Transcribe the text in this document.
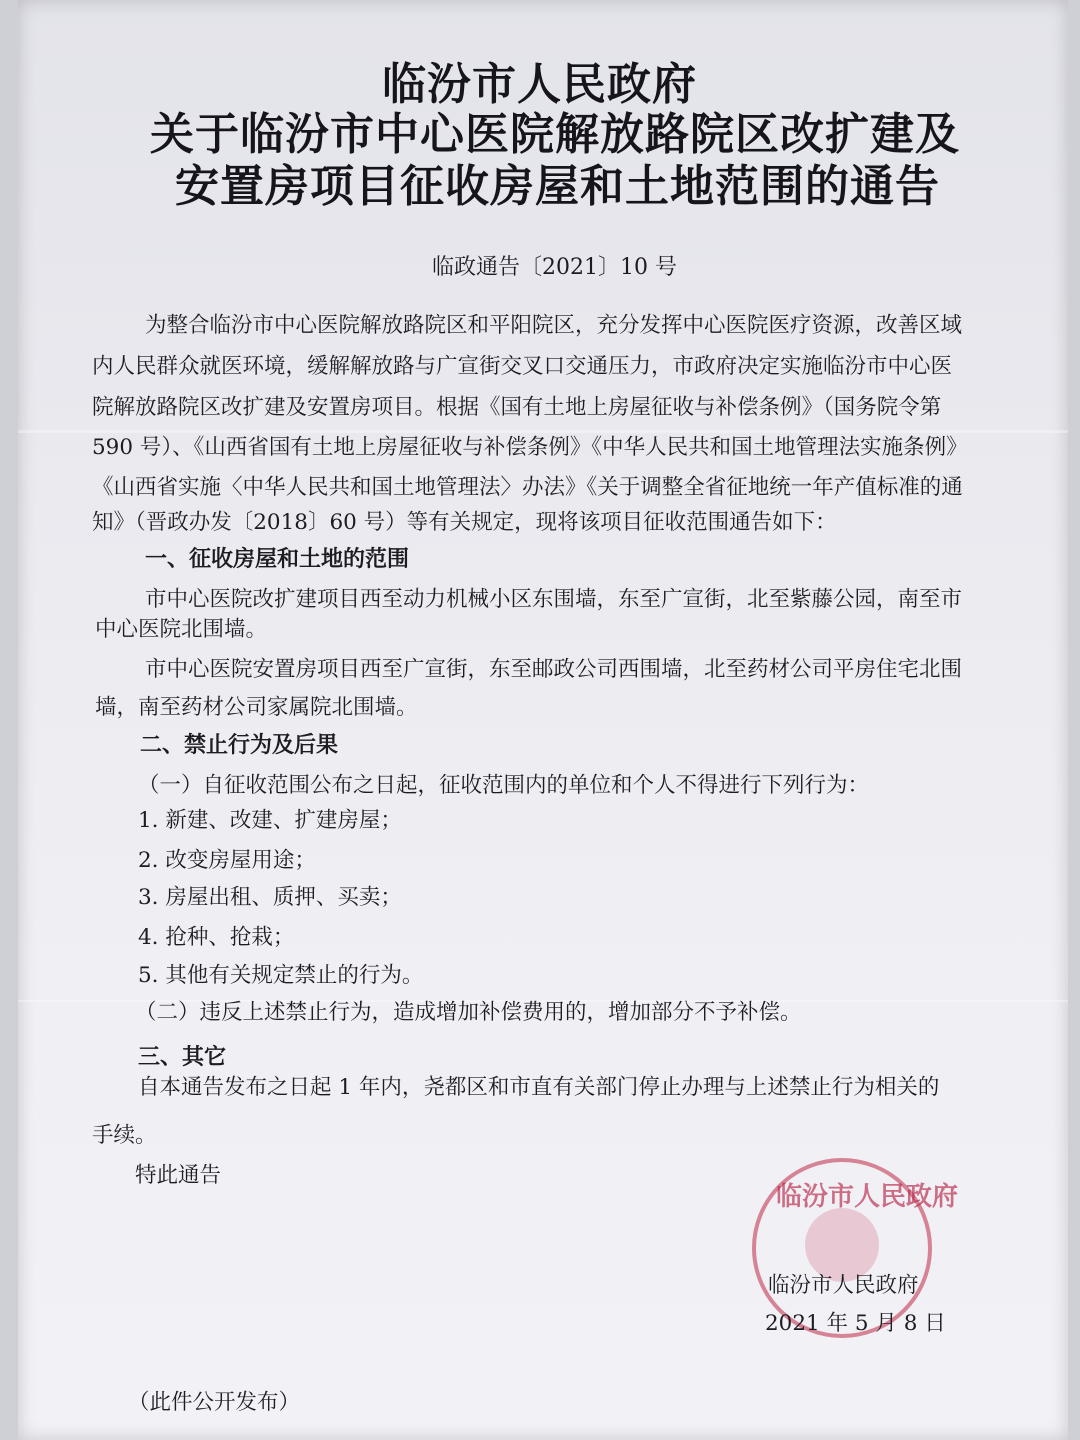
临汾市人民政府
关于临汾市中心医院解放路院区改扩建及
安置房项目征收房屋和土地范围的通告
临政通告〔2021〕10 号
为整合临汾市中心医院解放路院区和平阳院区，充分发挥中心医院医疗资源，改善区域
内人民群众就医环境，缓解解放路与广宣街交叉口交通压力，市政府决定实施临汾市中心医
院解放路院区改扩建及安置房项目。根据《国有土地上房屋征收与补偿条例》（国务院令第
590 号）、《山西省国有土地上房屋征收与补偿条例》《中华人民共和国土地管理法实施条例》
《山西省实施〈中华人民共和国土地管理法〉办法》《关于调整全省征地统一年产值标准的通
知》（晋政办发〔2018〕60 号）等有关规定，现将该项目征收范围通告如下：
一、征收房屋和土地的范围
市中心医院改扩建项目西至动力机械小区东围墙，东至广宣街，北至紫藤公园，南至市
中心医院北围墙。
市中心医院安置房项目西至广宣街，东至邮政公司西围墙，北至药材公司平房住宅北围
墙，南至药材公司家属院北围墙。
二、禁止行为及后果
（一）自征收范围公布之日起，征收范围内的单位和个人不得进行下列行为：
1. 新建、改建、扩建房屋；
2. 改变房屋用途；
3. 房屋出租、质押、买卖；
4. 抢种、抢栽；
5. 其他有关规定禁止的行为。
（二）违反上述禁止行为，造成增加补偿费用的，增加部分不予补偿。
三、其它
自本通告发布之日起 1 年内，尧都区和市直有关部门停止办理与上述禁止行为相关的
手续。
特此通告
临汾市人民政府
临汾市人民政府
2021 年 5 月 8 日
（此件公开发布）
